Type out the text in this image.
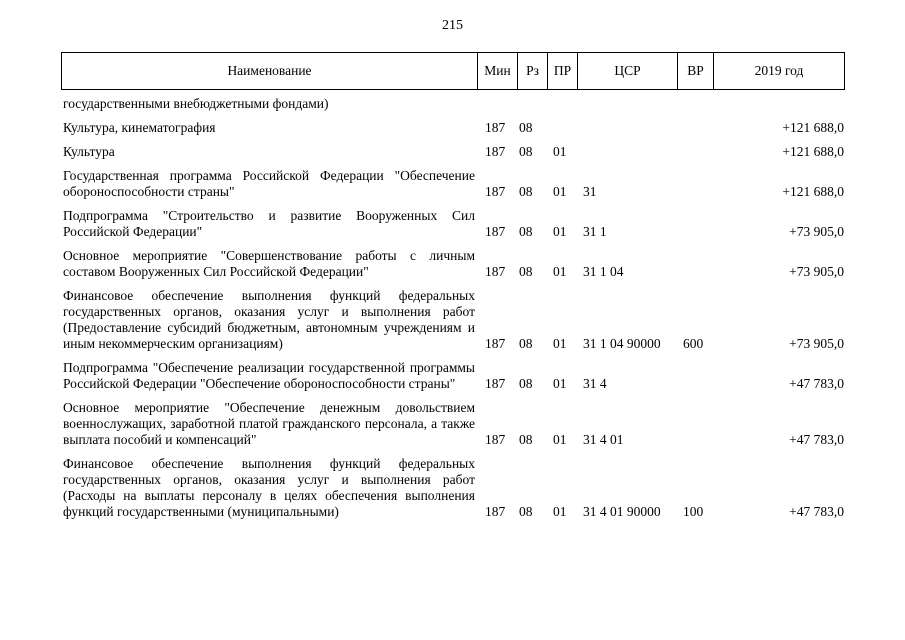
215
Наименование	Мин	Рз	ПР	ЦСР	ВР	2019 год
государственными внебюджетными фондами)						
Культура, кинематография	187	08				+121 688,0
Культура	187	08	01			+121 688,0
Государственная программа Российской Федерации "Обеспечение обороноспособности страны"	187	08	01	31		+121 688,0
Подпрограмма "Строительство и развитие Вооруженных Сил Российской Федерации"	187	08	01	31 1		+73 905,0
Основное мероприятие "Совершенствование работы с личным составом Вооруженных Сил Российской Федерации"	187	08	01	31 1 04		+73 905,0
Финансовое обеспечение выполнения функций федеральных государственных органов, оказания услуг и выполнения работ (Предоставление субсидий бюджетным, автономным учреждениям и иным некоммерческим организациям)	187	08	01	31 1 04 90000	600	+73 905,0
Подпрограмма "Обеспечение реализации государственной программы Российской Федерации "Обеспечение обороноспособности страны"	187	08	01	31 4		+47 783,0
Основное мероприятие "Обеспечение денежным довольствием военнослужащих, заработной платой гражданского персонала, а также выплата пособий и компенсаций"	187	08	01	31 4 01		+47 783,0
Финансовое обеспечение выполнения функций федеральных государственных органов, оказания услуг и выполнения работ (Расходы на выплаты персоналу в целях обеспечения выполнения функций государственными (муниципальными)	187	08	01	31 4 01 90000	100	+47 783,0
